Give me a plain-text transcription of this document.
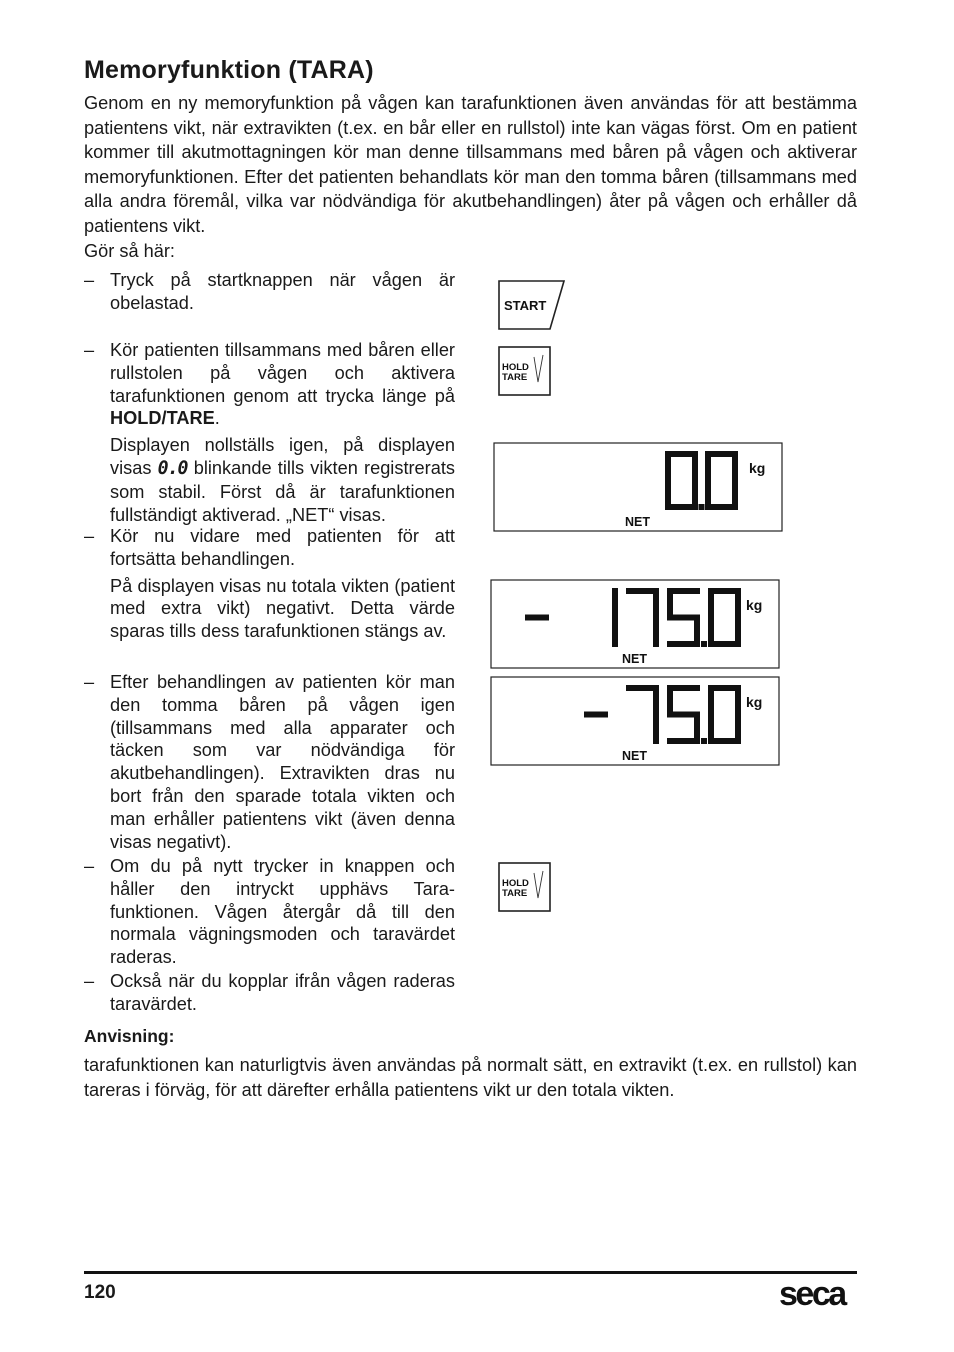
Memoryfunktion (TARA)

Genom en ny memoryfunktion på vågen kan tarafunktionen även användas för att bestämma patientens vikt, när extravikten (t.ex. en bår eller en rullstol) inte kan vägas först. Om en patient kommer till akutmottagningen kör man denne tillsammans med båren på vågen och aktiverar memoryfunktionen. Efter det patienten behandlats kör man den tomma båren (tillsammans med alla andra föremål, vilka var nödvändiga för akutbehandlingen) åter på vågen och erhåller då patientens vikt.

Gör så här:

– Tryck på startknappen när vågen är obelastad.

– Kör patienten tillsammans med båren eller rullstolen på vågen och aktivera tarafunktionen genom att trycka länge på HOLD/TARE.

Displayen nollställs igen, på displayen visas 0.0 blinkande tills vikten registrerats som stabil. Först då är tarafunktionen fullständigt aktiverad. „NET“ visas.

– Kör nu vidare med patienten för att fortsätta behandlingen.

På displayen visas nu totala vikten (patient med extra vikt) negativt. Detta värde sparas tills dess tarafunktionen stängs av.

– Efter behandlingen av patienten kör man den tomma båren på vågen igen (tillsammans med alla apparater och täcken som var nödvändiga för akutbehandlingen). Extravikten dras nu bort från den sparade totala vikten och man erhåller patientens vikt (även denna visas negativt).

– Om du på nytt trycker in knappen och håller den intryckt upphävs Tara-funktionen. Vågen återgår då till den normala vägningsmoden och taravärdet raderas.

– Också när du kopplar ifrån vågen raderas taravärdet.

START
HOLD
TARE
HOLD
TARE
kg
NET
kg
NET
kg
NET

Anvisning:

tarafunktionen kan naturligtvis även användas på normalt sätt, en extravikt (t.ex. en rullstol) kan tareras i förväg, för att därefter erhålla patientens vikt ur den totala vikten.

120	seca
